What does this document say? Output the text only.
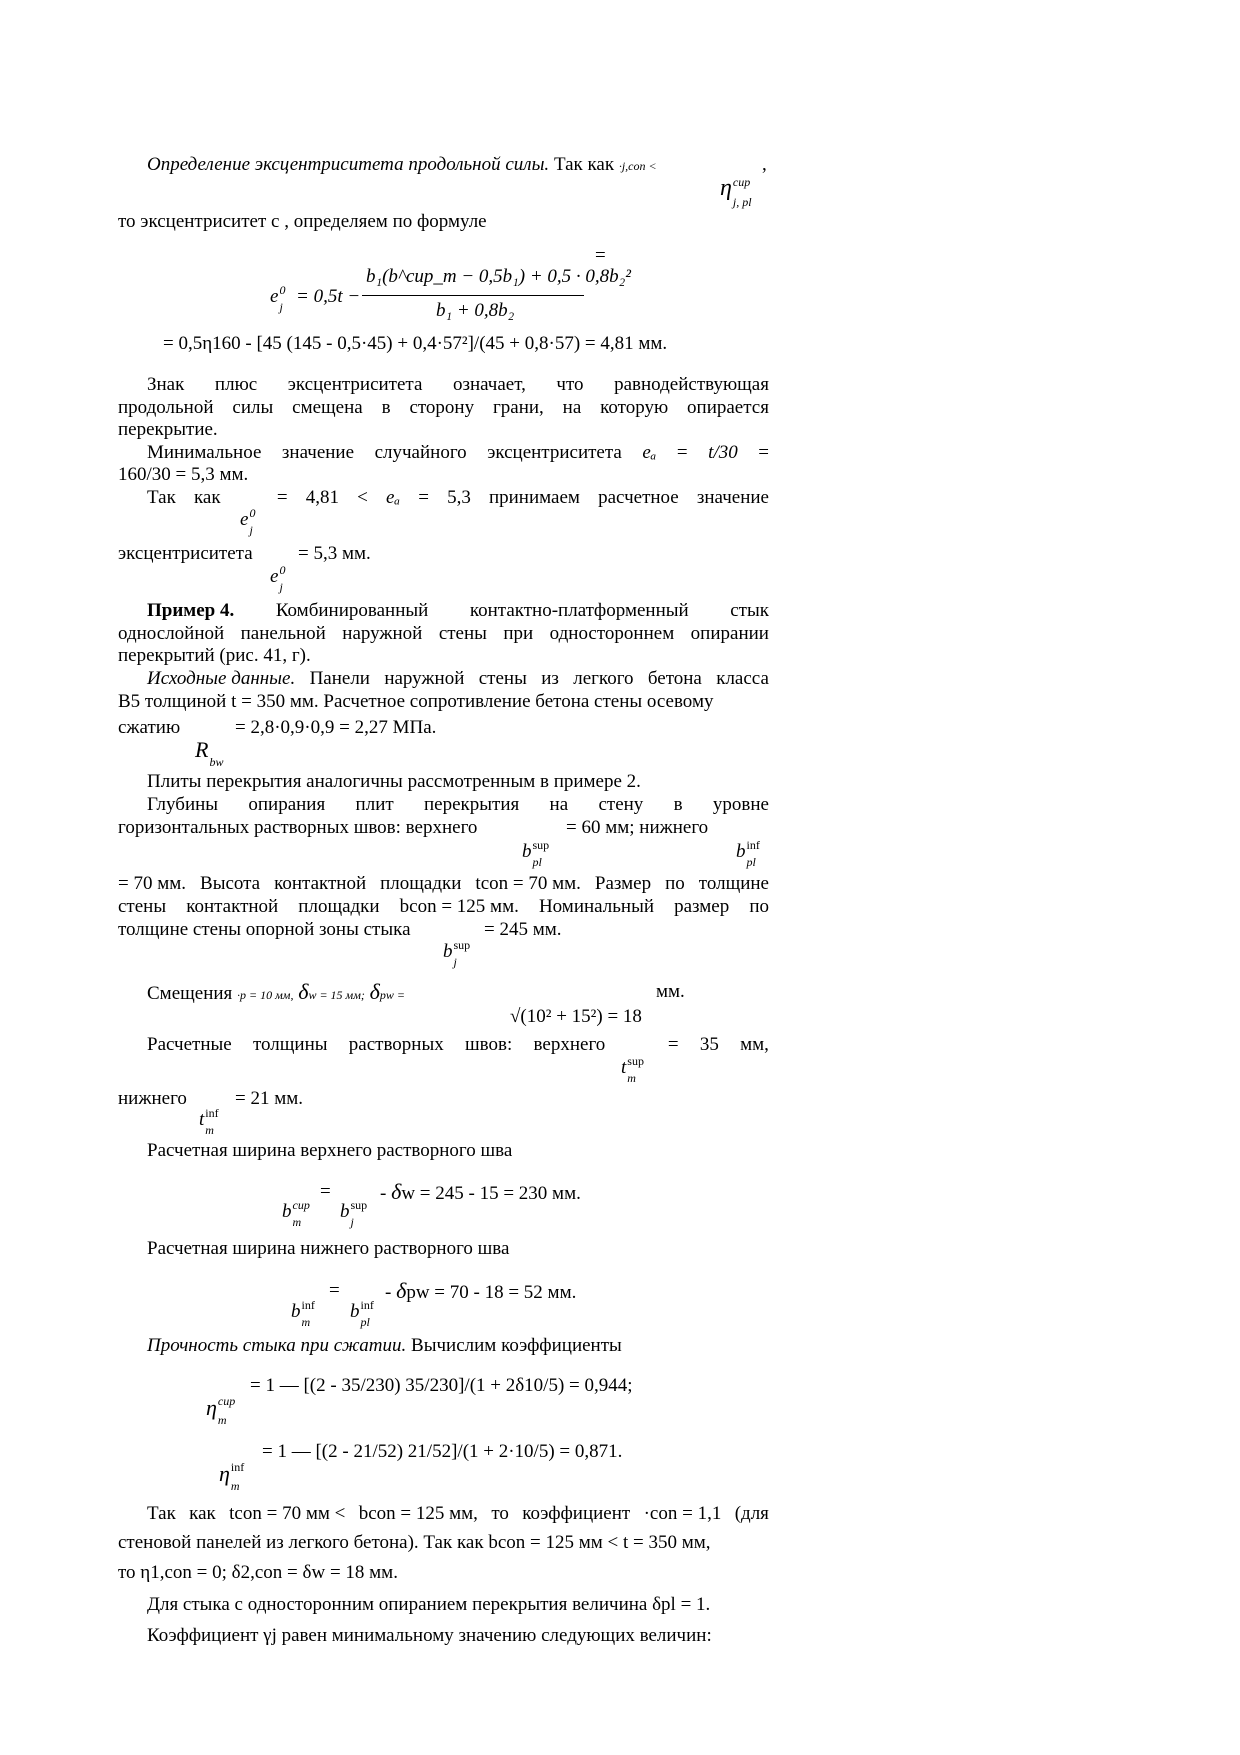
Определение эксцентриситета продольной силы. Так как ·j,con <	,
η cup
j, pl
то эксцентриситет с , определяем по формуле
=
e 0
j = 0,5t −
b₁(b^cup_m − 0,5b₁) + 0,5 · 0,8b₂²
b₁ + 0,8b₂
= 0,5η160 - [45 (145 - 0,5·45) + 0,4·57²]/(45 + 0,8·57) = 4,81 мм.
Знак плюс эксцентриситета означает, что равнодействующая
продольной силы смещена в сторону грани, на которую опирается
перекрытие.
Минимальное значение случайного эксцентриситета eₐ = t/30 =
160/30 = 5,3 мм.
Так как	= 4,81 < eₐ = 5,3 принимаем расчетное значение
e 0
j
эксцентриситета = 5,3 мм.
e 0
j
Пример 4. Комбинированный контактно-платформенный стык
однослойной панельной наружной стены при одностороннем опирании
перекрытий (рис. 41, г).
Исходные данные. Панели наружной стены из легкого бетона класса
В5 толщиной t = 350 мм. Расчетное сопротивление бетона стены осевому
сжатию	= 2,8·0,9·0,9 = 2,27 МПа.
R bw
Плиты перекрытия аналогичны рассмотренным в примере 2.
Глубины опирания плит перекрытия на стену в уровне
горизонтальных растворных швов: верхнего	= 60 мм; нижнего
b sup
pl	b inf
pl
= 70 мм. Высота контактной площадки tcon = 70 мм. Размер по толщине
стены контактной площадки bcon = 125 мм. Номинальный размер по
толщине стены опорной зоны стыка	= 245 мм.
b sup
j
Смещения ·p = 10 мм, δw = 15 мм; δpw =	мм.
√(10² + 15²) = 18
Расчетные толщины растворных швов: верхнего	= 35 мм,
t sup
m
нижнего	= 21 мм.
t inf
m
Расчетная ширина верхнего растворного шва
=	- δw = 245 - 15 = 230 мм.
b cup
m b sup
j
Расчетная ширина нижнего растворного шва
= - δpw = 70 - 18 = 52 мм.
b inf
m b inf
pl
Прочность стыка при сжатии. Вычислим коэффициенты
= 1 — [(2 - 35/230) 35/230]/(1 + 2δ10/5) = 0,944;
η cup
m
= 1 — [(2 - 21/52) 21/52]/(1 + 2·10/5) = 0,871.
η inf
m
Так как tcon = 70 мм < bcon = 125 мм, то коэффициент ·con = 1,1 (для
стеновой панелей из легкого бетона). Так как bcon = 125 мм < t = 350 мм,
то η1,con = 0; δ2,con = δw = 18 мм.
Для стыка с односторонним опиранием перекрытия величина δpl = 1.
Коэффициент γj равен минимальному значению следующих величин:
